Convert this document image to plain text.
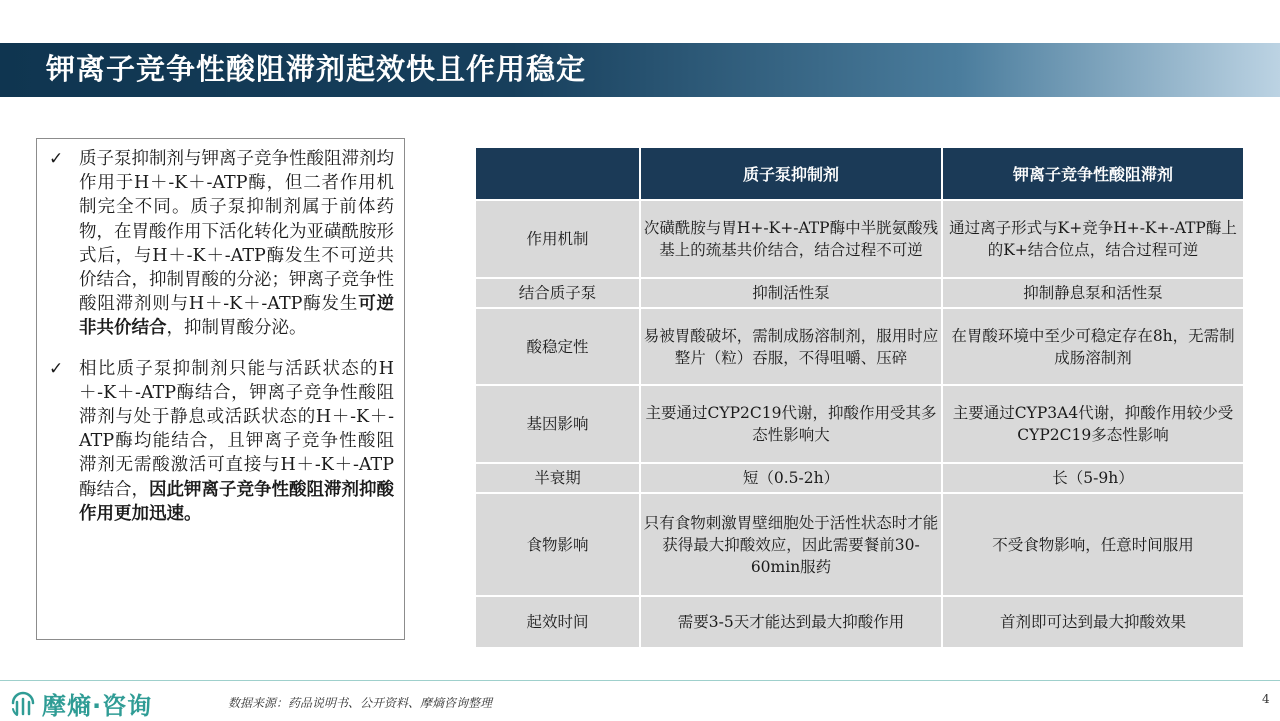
钾离子竞争性酸阻滞剂起效快且作用稳定
✓ 质子泵抑制剂与钾离子竞争性酸阻滞剂均作用于H＋-K＋-ATP酶，但二者作用机制完全不同。质子泵抑制剂属于前体药物，在胃酸作用下活化转化为亚磺酰胺形式后，与H＋-K＋-ATP酶发生不可逆共价结合，抑制胃酸的分泌；钾离子竞争性酸阻滞剂则与H＋-K＋-ATP酶发生可逆非共价结合，抑制胃酸分泌。
✓ 相比质子泵抑制剂只能与活跃状态的H＋-K＋-ATP酶结合，钾离子竞争性酸阻滞剂与处于静息或活跃状态的H＋-K＋-ATP酶均能结合，且钾离子竞争性酸阻滞剂无需酸激活可直接与H＋-K＋-ATP酶结合，因此钾离子竞争性酸阻滞剂抑酸作用更加迅速。
	质子泵抑制剂	钾离子竞争性酸阻滞剂
作用机制	次磺酰胺与胃H+-K+-ATP酶中半胱氨酸残基上的巯基共价结合，结合过程不可逆	通过离子形式与K+竞争H+-K+-ATP酶上的K+结合位点，结合过程可逆
结合质子泵	抑制活性泵	抑制静息泵和活性泵
酸稳定性	易被胃酸破坏，需制成肠溶制剂，服用时应整片（粒）吞服，不得咀嚼、压碎	在胃酸环境中至少可稳定存在8h，无需制成肠溶制剂
基因影响	主要通过CYP2C19代谢，抑酸作用受其多态性影响大	主要通过CYP3A4代谢，抑酸作用较少受CYP2C19多态性影响
半衰期	短（0.5-2h）	长（5-9h）
食物影响	只有食物刺激胃壁细胞处于活性状态时才能获得最大抑酸效应，因此需要餐前30-60min服药	不受食物影响，任意时间服用
起效时间	需要3-5天才能达到最大抑酸作用	首剂即可达到最大抑酸效果
摩熵·咨询	数据来源：药品说明书、公开资料、摩熵咨询整理	4
